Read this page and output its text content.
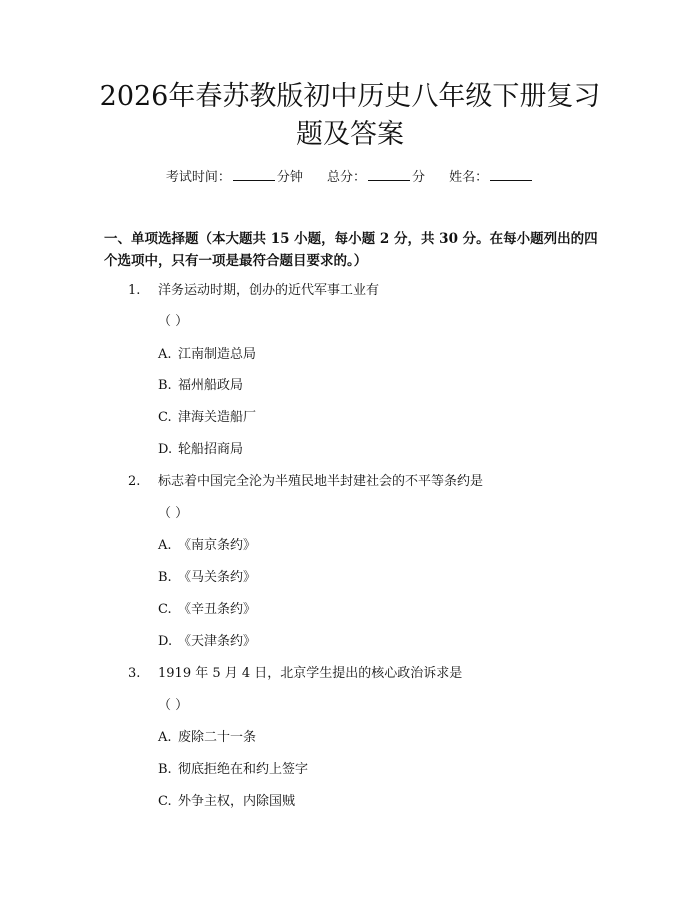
2026年春苏教版初中历史八年级下册复习题及答案
考试时间：	分钟 总分：	分 姓名：
一、单项选择题（本大题共 15 小题，每小题 2 分，共 30 分。在每小题列出的四个选项中，只有一项是最符合题目要求的。）
1. 洋务运动时期，创办的近代军事工业有
（ ）
A. 江南制造总局
B. 福州船政局
C. 津海关造船厂
D. 轮船招商局
2. 标志着中国完全沦为半殖民地半封建社会的不平等条约是
（ ）
A. 《南京条约》
B. 《马关条约》
C. 《辛丑条约》
D. 《天津条约》
3. 1919 年 5 月 4 日，北京学生提出的核心政治诉求是
（ ）
A. 废除二十一条
B. 彻底拒绝在和约上签字
C. 外争主权，内除国贼
